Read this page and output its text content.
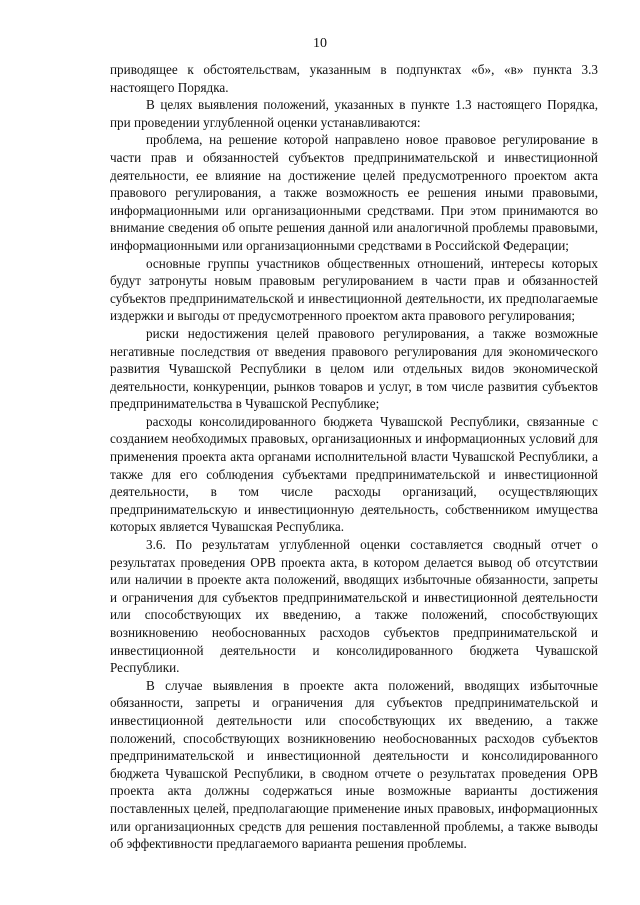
10

приводящее к обстоятельствам, указанным в подпунктах «б», «в» пункта 3.3 настоящего Порядка.

В целях выявления положений, указанных в пункте 1.3 настоящего Порядка, при проведении углубленной оценки устанавливаются:

проблема, на решение которой направлено новое правовое регулирование в части прав и обязанностей субъектов предпринимательской и инвестиционной деятельности, ее влияние на достижение целей предусмотренного проектом акта правового регулирования, а также возможность ее решения иными правовыми, информационными или организационными средствами. При этом принимаются во внимание сведения об опыте решения данной или аналогичной проблемы правовыми, информационными или организационными средствами в Российской Федерации;

основные группы участников общественных отношений, интересы которых будут затронуты новым правовым регулированием в части прав и обязанностей субъектов предпринимательской и инвестиционной деятельности, их предполагаемые издержки и выгоды от предусмотренного проектом акта правового регулирования;

риски недостижения целей правового регулирования, а также возможные негативные последствия от введения правового регулирования для экономического развития Чувашской Республики в целом или отдельных видов экономической деятельности, конкуренции, рынков товаров и услуг, в том числе развития субъектов предпринимательства в Чувашской Республике;

расходы консолидированного бюджета Чувашской Республики, связанные с созданием необходимых правовых, организационных и информационных условий для применения проекта акта органами исполнительной власти Чувашской Республики, а также для его соблюдения субъектами предпринимательской и инвестиционной деятельности, в том числе расходы организаций, осуществляющих предпринимательскую и инвестиционную деятельность, собственником имущества которых является Чувашская Республика.

3.6. По результатам углубленной оценки составляется сводный отчет о результатах проведения ОРВ проекта акта, в котором делается вывод об отсутствии или наличии в проекте акта положений, вводящих избыточные обязанности, запреты и ограничения для субъектов предпринимательской и инвестиционной деятельности или способствующих их введению, а также положений, способствующих возникновению необоснованных расходов субъектов предпринимательской и инвестиционной деятельности и консолидированного бюджета Чувашской Республики.

В случае выявления в проекте акта положений, вводящих избыточные обязанности, запреты и ограничения для субъектов предпринимательской и инвестиционной деятельности или способствующих их введению, а также положений, способствующих возникновению необоснованных расходов субъектов предпринимательской и инвестиционной деятельности и консолидированного бюджета Чувашской Республики, в сводном отчете о результатах проведения ОРВ проекта акта должны содержаться иные возможные варианты достижения поставленных целей, предполагающие применение иных правовых, информационных или организационных средств для решения поставленной проблемы, а также выводы об эффективности предлагаемого варианта решения проблемы.
